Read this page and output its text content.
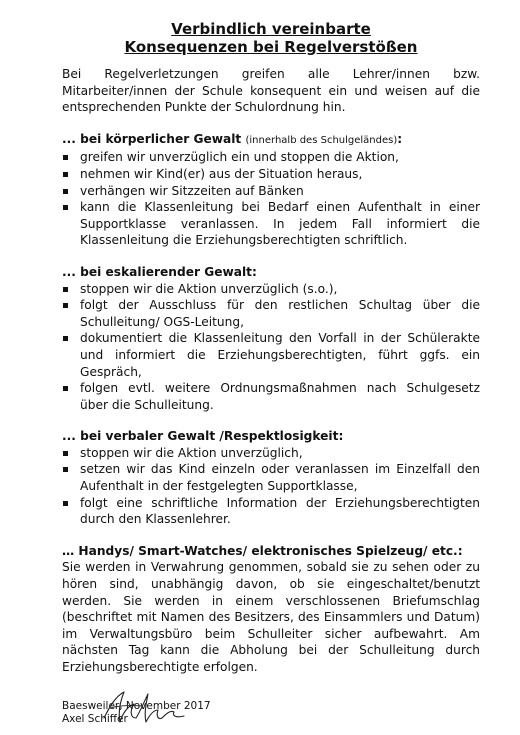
Verbindlich vereinbarte
Konsequenzen bei Regelverstößen

Bei Regelverletzungen greifen alle Lehrer/innen bzw. Mitarbeiter/innen der Schule konsequent ein und weisen auf die entsprechenden Punkte der Schulordnung hin.

... bei körperlicher Gewalt (innerhalb des Schulgeländes):
greifen wir unverzüglich ein und stoppen die Aktion,
nehmen wir Kind(er) aus der Situation heraus,
verhängen wir Sitzzeiten auf Bänken
kann die Klassenleitung bei Bedarf einen Aufenthalt in einer Supportklasse veranlassen. In jedem Fall informiert die Klassenleitung die Erziehungsberechtigten schriftlich.
... bei eskalierender Gewalt:
stoppen wir die Aktion unverzüglich (s.o.),
folgt der Ausschluss für den restlichen Schultag über die Schulleitung/ OGS-Leitung,
dokumentiert die Klassenleitung den Vorfall in der Schülerakte und informiert die Erziehungsberechtigten, führt ggfs. ein Gespräch,
folgen evtl. weitere Ordnungsmaßnahmen nach Schulgesetz über die Schulleitung.
... bei verbaler Gewalt /Respektlosigkeit:
stoppen wir die Aktion unverzüglich,
setzen wir das Kind einzeln oder veranlassen im Einzelfall den Aufenthalt in der festgelegten Supportklasse,
folgt eine schriftliche Information der Erziehungsberechtigten durch den Klassenlehrer.
… Handys/ Smart-Watches/ elektronisches Spielzeug/ etc.:

Sie werden in Verwahrung genommen, sobald sie zu sehen oder zu hören sind, unabhängig davon, ob sie eingeschaltet/benutzt werden. Sie werden in einem verschlossenen Briefumschlag (beschriftet mit Namen des Besitzers, des Einsammlers und Datum) im Verwaltungsbüro beim Schulleiter sicher aufbewahrt. Am nächsten Tag kann die Abholung bei der Schulleitung durch Erziehungsberechtigte erfolgen.

Baesweiler, November 2017
Axel Schiffer
